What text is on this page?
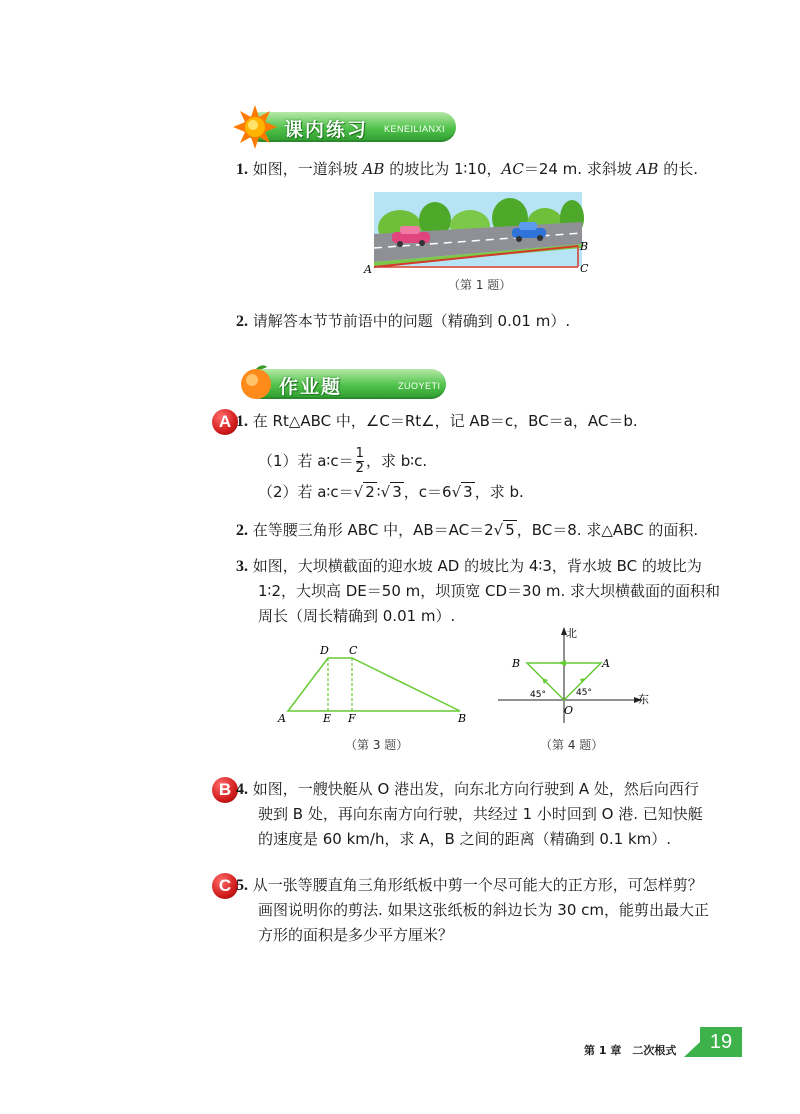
课内练习 KENEILIANXI
1. 如图，一道斜坡 AB 的坡比为 1∶10，AC＝24 m. 求斜坡 AB 的长.
A
B
C
（第 1 题）
2. 请解答本节节前语中的问题（精确到 0.01 m）.
作业题	ZUOYETI
A 1. 在 Rt△ABC 中，∠C＝Rt∠，记 AB＝c，BC＝a，AC＝b.
（1）若 a∶c＝ $\frac{1}{2}$ ，求 b∶c.
（2）若 a∶c＝√ 2 ∶√ 3 ，c＝6√ 3 ，求 b.
2. 在等腰三角形 ABC 中，AB＝AC＝2√ 5 ，BC＝8. 求△ABC 的面积.
3. 如图，大坝横截面的迎水坡 AD 的坡比为 4∶3，背水坡 BC 的坡比为
1∶2，大坝高 DE＝50 m，坝顶宽 CD＝30 m. 求大坝横截面的面积和
周长（周长精确到 0.01 m）.
D C
A	E F	B
（第 3 题）
北
东
B	A
O
45°	45°
（第 4 题）
B 4. 如图，一艘快艇从 O 港出发，向东北方向行驶到 A 处，然后向西行
驶到 B 处，再向东南方向行驶，共经过 1 小时回到 O 港. 已知快艇
的速度是 60 km/h，求 A，B 之间的距离（精确到 0.1 km）.
C 5. 从一张等腰直角三角形纸板中剪一个尽可能大的正方形，可怎样剪？
画图说明你的剪法. 如果这张纸板的斜边长为 30 cm，能剪出最大正
方形的面积是多少平方厘米？
第 1 章　二次根式	19
